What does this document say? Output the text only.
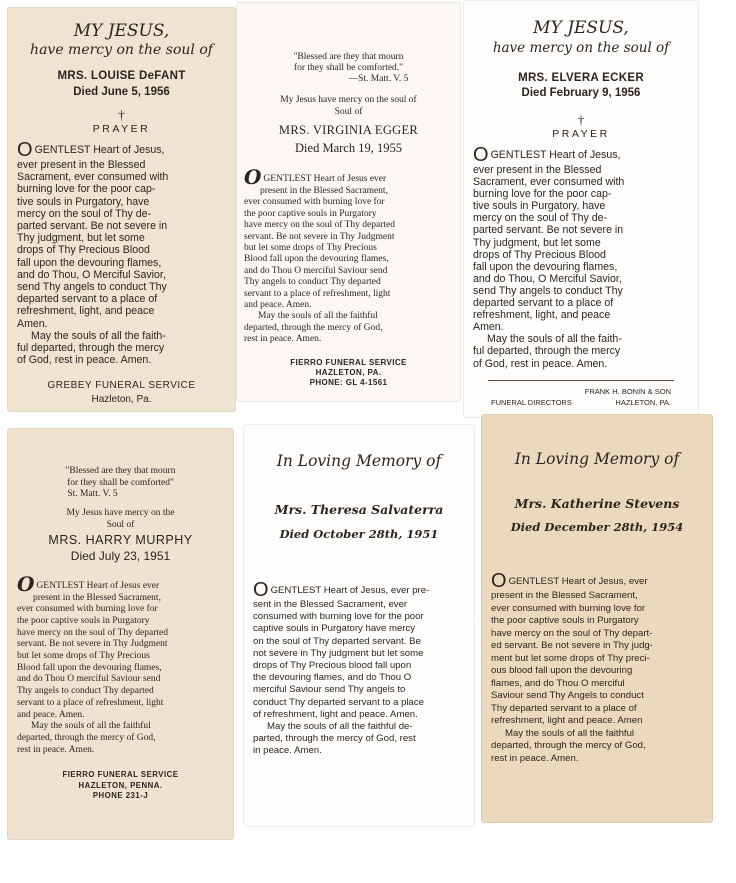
MY JESUS,
have mercy on the soul of
MRS. LOUISE DeFANT
Died June 5, 1956
†
PRAYER
OGENTLEST Heart of Jesus,
ever present in the Blessed
Sacrament, ever consumed with
burning love for the poor cap-
tive souls in Purgatory, have
mercy on the soul of Thy de-
parted servant. Be not severe in
Thy judgment, but let some
drops of Thy Precious Blood
fall upon the devouring flames,
and do Thou, O Merciful Savior,
send Thy angels to conduct Thy
departed servant to a place of
refreshment, light, and peace
Amen.
May the souls of all the faith-
ful departed, through the mercy
of God, rest in peace. Amen.
GREBEY FUNERAL SERVICE
Hazleton, Pa.
"Blessed are they that mourn
for they shall be comforted."
—St. Matt. V. 5
My Jesus have mercy on the soul of
Soul of
MRS. VIRGINIA EGGER
Died March 19, 1955
OGENTLEST Heart of Jesus ever
present in the Blessed Sacrament,
ever consumed with burning love for
the poor captive souls in Purgatory
have mercy on the soul of Thy departed
servant. Be not severe in Thy Judgment
but let some drops of Thy Precious
Blood fall upon the devouring flames,
and do Thou O merciful Saviour send
Thy angels to conduct Thy departed
servant to a place of refreshment, light
and peace. Amen.
May the souls of all the faithful
departed, through the mercy of God,
rest in peace. Amen.
FIERRO FUNERAL SERVICE
HAZLETON, PA.
PHONE: GL 4-1561
MY JESUS,
have mercy on the soul of
MRS. ELVERA ECKER
Died February 9, 1956
†
PRAYER
OGENTLEST Heart of Jesus,
ever present in the Blessed
Sacrament, ever consumed with
burning love for the poor cap-
tive souls in Purgatory, have
mercy on the soul of Thy de-
parted servant. Be not severe in
Thy judgment, but let some
drops of Thy Precious Blood
fall upon the devouring flames,
and do Thou, O Merciful Savior,
send Thy angels to conduct Thy
departed servant to a place of
refreshment, light, and peace
Amen.
May the souls of all the faith-
ful departed, through the mercy
of God, rest in peace. Amen.
FRANK H. BONIN & SON
FUNERAL DIRECTORS	HAZLETON, PA.
"Blessed are they that mourn
for they shall be comforted"
St. Matt. V. 5
My Jesus have mercy on the
Soul of
MRS. HARRY MURPHY
Died July 23, 1951
OGENTLEST Heart of Jesus ever
present in the Blessed Sacrament,
ever consumed with burning love for
the poor captive souls in Purgatory
have mercy on the soul of Thy departed
servant. Be not severe in Thy Judgment
but let some drops of Thy Precious
Blood fall upon the devouring flames,
and do Thou O merciful Saviour send
Thy angels to conduct Thy departed
servant to a place of refreshment, light
and peace. Amen.
May the souls of all the faithful
departed, through the mercy of God,
rest in peace. Amen.
FIERRO FUNERAL SERVICE
HAZLETON, PENNA.
PHONE 231-J
In Loving Memory of
Mrs. Theresa Salvaterra
Died October 28th, 1951
OGENTLEST Heart of Jesus, ever pre-
sent in the Blessed Sacrament, ever
consumed with burning love for the poor
captive souls in Purgatory have mercy
on the soul of Thy departed servant. Be
not severe in Thy judgment but let some
drops of Thy Precious blood fall upon
the devouring flames, and do Thou O
merciful Saviour send Thy angels to
conduct Thy departed servant to a place
of refreshment, light and peace. Amen.
May the souls of all the faithful de-
parted, through the mercy of God, rest
in peace. Amen.
In Loving Memory of
Mrs. Katherine Stevens
Died December 28th, 1954
OGENTLEST Heart of Jesus, ever
present in the Blessed Sacrament,
ever consumed with burning love for
the poor captive souls in Purgatory
have mercy on the soul of Thy depart-
ed servant. Be not severe in Thy judg-
ment but let some drops of Thy preci-
ous blood fall upon the devouring
flames, and do Thou O merciful
Saviour send Thy Angels to conduct
Thy departed servant to a place of
refreshment, light and peace. Amen
May the souls of all the faithful
departed, through the mercy of God,
rest in peace. Amen.
